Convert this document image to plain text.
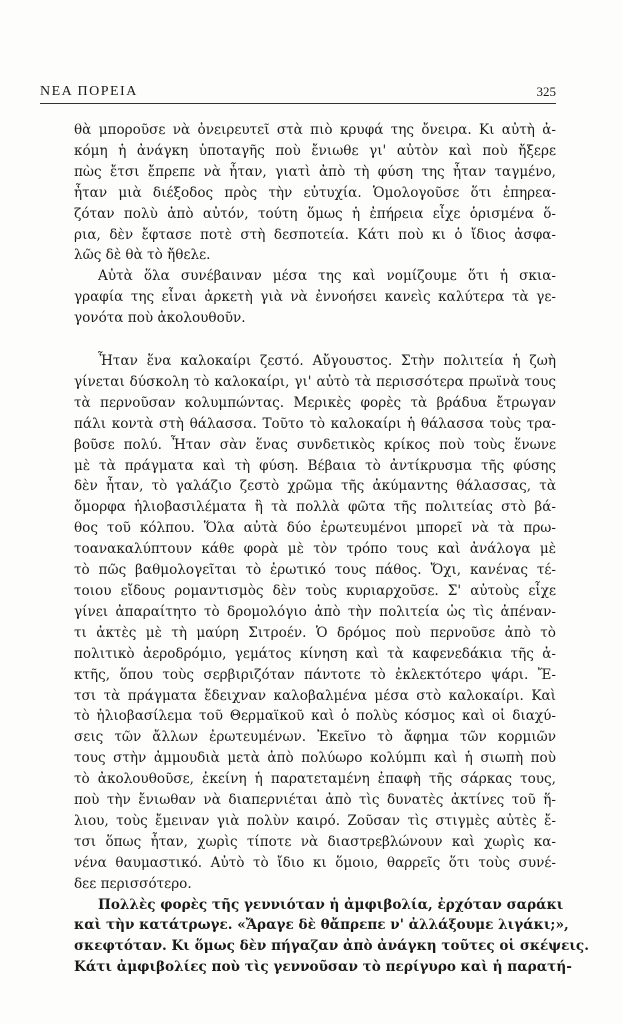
ΝΕΑ ΠΟΡΕΙΑ	325

θὰ μποροῦσε νὰ ὀνειρευτεῖ στὰ πιὸ κρυφά της ὄνειρα. Κι αὐτὴ ἀ-
κόμη ἡ ἀνάγκη ὑποταγῆς ποὺ ἔνιωθε γι' αὐτὸν καὶ ποὺ ἤξερε
πὼς ἔτσι ἔπρεπε νὰ ἦταν, γιατὶ ἀπὸ τὴ φύση της ἦταν ταγμένο,
ἦταν μιὰ διέξοδος πρὸς τὴν εὐτυχία. Ὁμολογοῦσε ὅτι ἐπηρεα-
ζόταν πολὺ ἀπὸ αὐτόν, τούτη ὅμως ἡ ἐπήρεια εἶχε ὁρισμένα ὅ-
ρια, δὲν ἔφτασε ποτὲ στὴ δεσποτεία. Κάτι ποὺ κι ὁ ἴδιος ἀσφα-
λῶς δὲ θὰ τὸ ἤθελε.

Αὐτὰ ὅλα συνέβαιναν μέσα της καὶ νομίζουμε ὅτι ἡ σκια-
γραφία της εἶναι ἀρκετὴ γιὰ νὰ ἐννοήσει κανεὶς καλύτερα τὰ γε-
γονότα ποὺ ἀκολουθοῦν.

Ἦταν ἕνα καλοκαίρι ζεστό. Αὔγουστος. Στὴν πολιτεία ἡ ζωὴ
γίνεται δύσκολη τὸ καλοκαίρι, γι' αὐτὸ τὰ περισσότερα πρωϊνὰ τους
τὰ περνοῦσαν κολυμπώντας. Μερικὲς φορὲς τὰ βράδυα ἔτρωγαν
πάλι κοντὰ στὴ θάλασσα. Τοῦτο τὸ καλοκαίρι ἡ θάλασσα τοὺς τρα-
βοῦσε πολύ. Ἦταν σὰν ἕνας συνδετικὸς κρίκος ποὺ τοὺς ἕνωνε
μὲ τὰ πράγματα καὶ τὴ φύση. Βέβαια τὸ ἀντίκρυσμα τῆς φύσης
δὲν ἦταν, τὸ γαλάζιο ζεστὸ χρῶμα τῆς ἀκύμαντης θάλασσας, τὰ
ὄμορφα ἡλιοβασιλέματα ἢ τὰ πολλὰ φῶτα τῆς πολιτείας στὸ βά-
θος τοῦ κόλπου. Ὅλα αὐτὰ δύο ἐρωτευμένοι μπορεῖ νὰ τὰ πρω-
τοανακαλύπτουν κάθε φορὰ μὲ τὸν τρόπο τους καὶ ἀνάλογα μὲ
τὸ πῶς βαθμολογεῖται τὸ ἐρωτικό τους πάθος. Ὄχι, κανένας τέ-
τοιου εἴδους ρομαντισμὸς δὲν τοὺς κυριαρχοῦσε. Σ' αὐτοὺς εἶχε
γίνει ἀπαραίτητο τὸ δρομολόγιο ἀπὸ τὴν πολιτεία ὡς τὶς ἀπέναν-
τι ἀκτὲς μὲ τὴ μαύρη Σιτροέν. Ὁ δρόμος ποὺ περνοῦσε ἀπὸ τὸ
πολιτικὸ ἀεροδρόμιο, γεμάτος κίνηση καὶ τὰ καφενεδάκια τῆς ἀ-
κτῆς, ὅπου τοὺς σερβιριζόταν πάντοτε τὸ ἐκλεκτότερο ψάρι. Ἔ-
τσι τὰ πράγματα ἔδειχναν καλοβαλμένα μέσα στὸ καλοκαίρι. Καὶ
τὸ ἡλιοβασίλεμα τοῦ Θερμαϊκοῦ καὶ ὁ πολὺς κόσμος καὶ οἱ διαχύ-
σεις τῶν ἄλλων ἐρωτευμένων. Ἐκεῖνο τὸ ἄφημα τῶν κορμιῶν
τους στὴν ἀμμουδιὰ μετὰ ἀπὸ πολύωρο κολύμπι καὶ ἡ σιωπὴ ποὺ
τὸ ἀκολουθοῦσε, ἐκείνη ἡ παρατεταμένη ἐπαφὴ τῆς σάρκας τους,
ποὺ τὴν ἔνιωθαν νὰ διαπερνιέται ἀπὸ τὶς δυνατὲς ἀκτίνες τοῦ ἥ-
λιου, τοὺς ἔμειναν γιὰ πολὺν καιρό. Ζοῦσαν τὶς στιγμὲς αὐτὲς ἔ-
τσι ὅπως ἦταν, χωρὶς τίποτε νὰ διαστρεβλώνουν καὶ χωρὶς κα-
νένα θαυμαστικό. Αὐτὸ τὸ ἴδιο κι ὅμοιο, θαρρεῖς ὅτι τοὺς συνέ-
δεε περισσότερο.

Πολλὲς φορὲς τῆς γεννιόταν ἡ ἀμφιβολία, ἐρχόταν σαράκι
καὶ τὴν κατάτρωγε. «Ἄραγε δὲ θἄπρεπε ν' ἀλλάξουμε λιγάκι;»,
σκεφτόταν. Κι ὅμως δὲν πήγαζαν ἀπὸ ἀνάγκη τοῦτες οἱ σκέψεις.
Κάτι ἀμφιβολίες ποὺ τὶς γεννοῦσαν τὸ περίγυρο καὶ ἡ παρατή-
